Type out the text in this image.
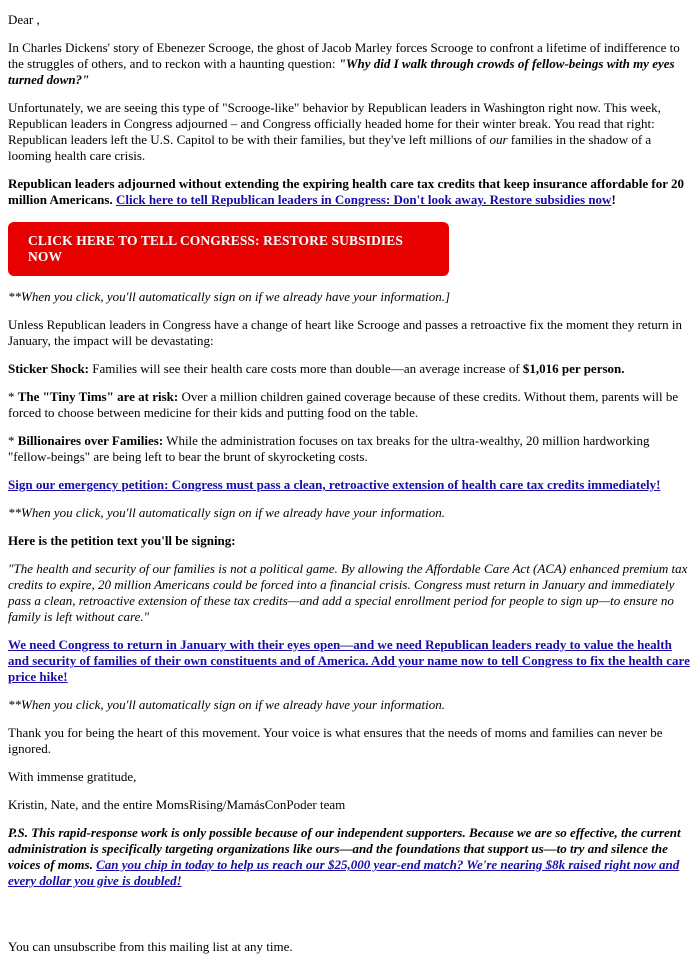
Dear ,

In Charles Dickens' story of Ebenezer Scrooge, the ghost of Jacob Marley forces Scrooge to confront a lifetime of indifference to the struggles of others, and to reckon with a haunting question: "Why did I walk through crowds of fellow-beings with my eyes turned down?"

Unfortunately, we are seeing this type of "Scrooge-like" behavior by Republican leaders in Washington right now. This week, Republican leaders in Congress adjourned – and Congress officially headed home for their winter break. You read that right: Republican leaders left the U.S. Capitol to be with their families, but they've left millions of our families in the shadow of a looming health care crisis.

Republican leaders adjourned without extending the expiring health care tax credits that keep insurance affordable for 20 million Americans. Click here to tell Republican leaders in Congress: Don't look away. Restore subsidies now!

CLICK HERE TO TELL CONGRESS: RESTORE SUBSIDIES NOW

**When you click, you'll automatically sign on if we already have your information.]

Unless Republican leaders in Congress have a change of heart like Scrooge and passes a retroactive fix the moment they return in January, the impact will be devastating:

Sticker Shock: Families will see their health care costs more than double—an average increase of $1,016 per person.

* The "Tiny Tims" are at risk: Over a million children gained coverage because of these credits. Without them, parents will be forced to choose between medicine for their kids and putting food on the table.

* Billionaires over Families: While the administration focuses on tax breaks for the ultra-wealthy, 20 million hardworking "fellow-beings" are being left to bear the brunt of skyrocketing costs.

Sign our emergency petition: Congress must pass a clean, retroactive extension of health care tax credits immediately!

**When you click, you'll automatically sign on if we already have your information.

Here is the petition text you'll be signing:

"The health and security of our families is not a political game. By allowing the Affordable Care Act (ACA) enhanced premium tax credits to expire, 20 million Americans could be forced into a financial crisis. Congress must return in January and immediately pass a clean, retroactive extension of these tax credits—and add a special enrollment period for people to sign up—to ensure no family is left without care."

We need Congress to return in January with their eyes open—and we need Republican leaders ready to value the health and security of families of their own constituents and of America. Add your name now to tell Congress to fix the health care price hike!

**When you click, you'll automatically sign on if we already have your information.

Thank you for being the heart of this movement. Your voice is what ensures that the needs of moms and families can never be ignored.

With immense gratitude,

Kristin, Nate, and the entire MomsRising/MamásConPoder team

P.S. This rapid-response work is only possible because of our independent supporters. Because we are so effective, the current administration is specifically targeting organizations like ours—and the foundations that support us—to try and silence the voices of moms. Can you chip in today to help us reach our $25,000 year-end match? We're nearing $8k raised right now and every dollar you give is doubled!

You can unsubscribe from this mailing list at any time.
